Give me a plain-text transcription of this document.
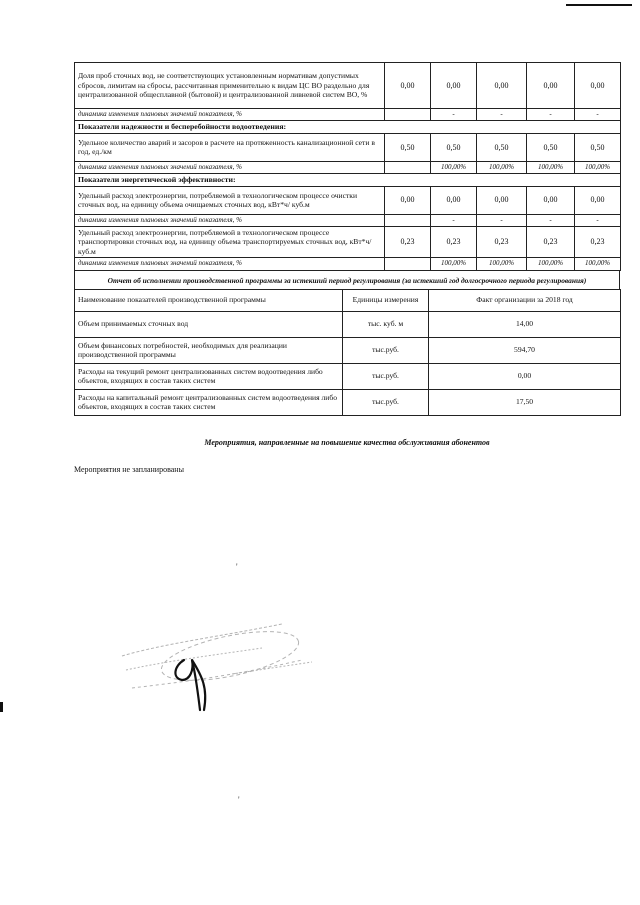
Доля проб сточных вод, не соответствующих установленным нормативам допустимых сбросов, лимитам на сбросы, рассчитанная применительно к видам ЦС ВО раздельно для централизованной общесплавной (бытовой) и централизованной ливневой систем ВО, %	0,00	0,00	0,00	0,00	0,00
динамика изменения плановых значений показателя, %		-	-	-	-
Показатели надежности и бесперебойности водоотведения:					
Удельное количество аварий и засоров в расчете на протяженность канализационной сети в год, ед./км	0,50	0,50	0,50	0,50	0,50
динамика изменения плановых значений показателя, %		100,00%	100,00%	100,00%	100,00%
Показатели энергетической эффективности:					
Удельный расход электроэнергии, потребляемой в технологическом процессе очистки сточных вод, на единицу объема очищаемых сточных вод, кВт*ч/ куб.м	0,00	0,00	0,00	0,00	0,00
динамика изменения плановых значений показателя, %		-	-	-	-
Удельный расход электроэнергии, потребляемой в технологическом процессе транспортировки сточных вод, на единицу объема транспортируемых сточных вод, кВт*ч/ куб.м	0,23	0,23	0,23	0,23	0,23
динамика изменения плановых значений показателя, %		100,00%	100,00%	100,00%	100,00%
Отчет об исполнении производственной программы за истекший период регулирования (за истекший год долгосрочного периода регулирования)
Наименование показателей производственной программы	Единицы измерения	Факт организации за 2018 год
Объем принимаемых сточных вод	тыс. куб. м	14,00
Объем финансовых потребностей, необходимых для реализации производственной программы	тыс.руб.	594,70
Расходы на текущий ремонт централизованных систем водоотведения либо объектов, входящих в состав таких систем	тыс.руб.	0,00
Расходы на капитальный ремонт централизованных систем водоотведения либо объектов, входящих в состав таких систем	тыс.руб.	17,50
Мероприятия, направленные на повышение качества обслуживания абонентов
Мероприятия не запланированы
'
'
